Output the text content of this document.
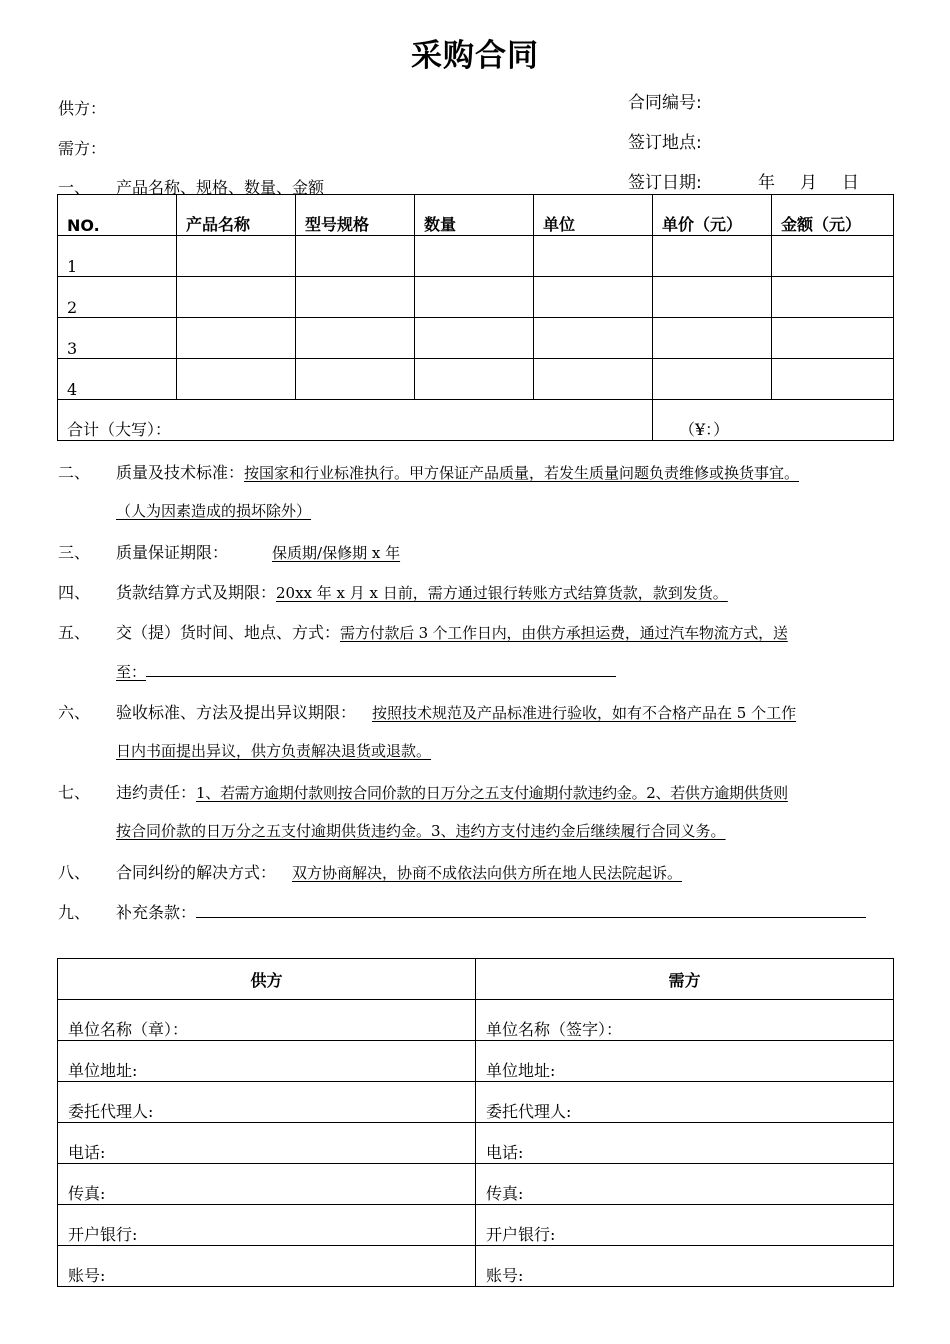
采购合同
供方：
需方：
合同编号:
签订地点:
签订日期:	年 月 日
一、 产品名称、规格、数量、金额
NO.	产品名称	型号规格	数量	单位	单价（元）	金额（元）
1						
2						
3						
4						
合计（大写）：					（¥：）	
二、 质量及技术标准：按国家和行业标准执行。甲方保证产品质量，若发生质量问题负责维修或换货事宜。
（人为因素造成的损坏除外）
三、 质量保证期限：	保质期/保修期 x 年
四、 货款结算方式及期限：20xx 年 x 月 x 日前，需方通过银行转账方式结算货款，款到发货。
五、 交（提）货时间、地点、方式：需方付款后 3 个工作日内，由供方承担运费，通过汽车物流方式，送
至：
六、 验收标准、方法及提出异议期限： 按照技术规范及产品标准进行验收，如有不合格产品在 5 个工作
日内书面提出异议，供方负责解决退货或退款。
七、 违约责任：1、若需方逾期付款则按合同价款的日万分之五支付逾期付款违约金。2、若供方逾期供货则
按合同价款的日万分之五支付逾期供货违约金。3、违约方支付违约金后继续履行合同义务。
八、 合同纠纷的解决方式： 双方协商解决，协商不成依法向供方所在地人民法院起诉。
九、 补充条款：
供方	需方
单位名称（章）：	单位名称（签字）：
单位地址:	单位地址:
委托代理人:	委托代理人:
电话:	电话:
传真:	传真:
开户银行:	开户银行:
账号:	账号:
